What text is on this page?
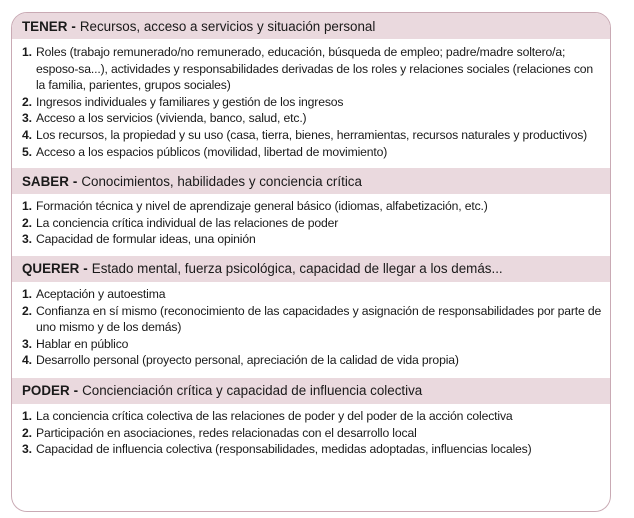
TENER - Recursos, acceso a servicios y situación personal
1. Roles (trabajo remunerado/no remunerado, educación, búsqueda de empleo; padre/madre soltero/a; esposo-sa...), actividades y responsabilidades derivadas de los roles y relaciones sociales (relaciones con la familia, parientes, grupos sociales)
2. Ingresos individuales y familiares y gestión de los ingresos
3. Acceso a los servicios (vivienda, banco, salud, etc.)
4. Los recursos, la propiedad y su uso (casa, tierra, bienes, herramientas, recursos naturales y productivos)
5. Acceso a los espacios públicos (movilidad, libertad de movimiento)
SABER - Conocimientos, habilidades y conciencia crítica
1. Formación técnica y nivel de aprendizaje general básico (idiomas, alfabetización, etc.)
2. La conciencia crítica individual de las relaciones de poder
3. Capacidad de formular ideas, una opinión
QUERER - Estado mental, fuerza psicológica, capacidad de llegar a los demás...
1. Aceptación y autoestima
2. Confianza en sí mismo (reconocimiento de las capacidades y asignación de responsabilidades por parte de uno mismo y de los demás)
3. Hablar en público
4. Desarrollo personal (proyecto personal, apreciación de la calidad de vida propia)
PODER - Concienciación crítica y capacidad de influencia colectiva
1. La conciencia crítica colectiva de las relaciones de poder y del poder de la acción colectiva
2. Participación en asociaciones, redes relacionadas con el desarrollo local
3. Capacidad de influencia colectiva (responsabilidades, medidas adoptadas, influencias locales)
